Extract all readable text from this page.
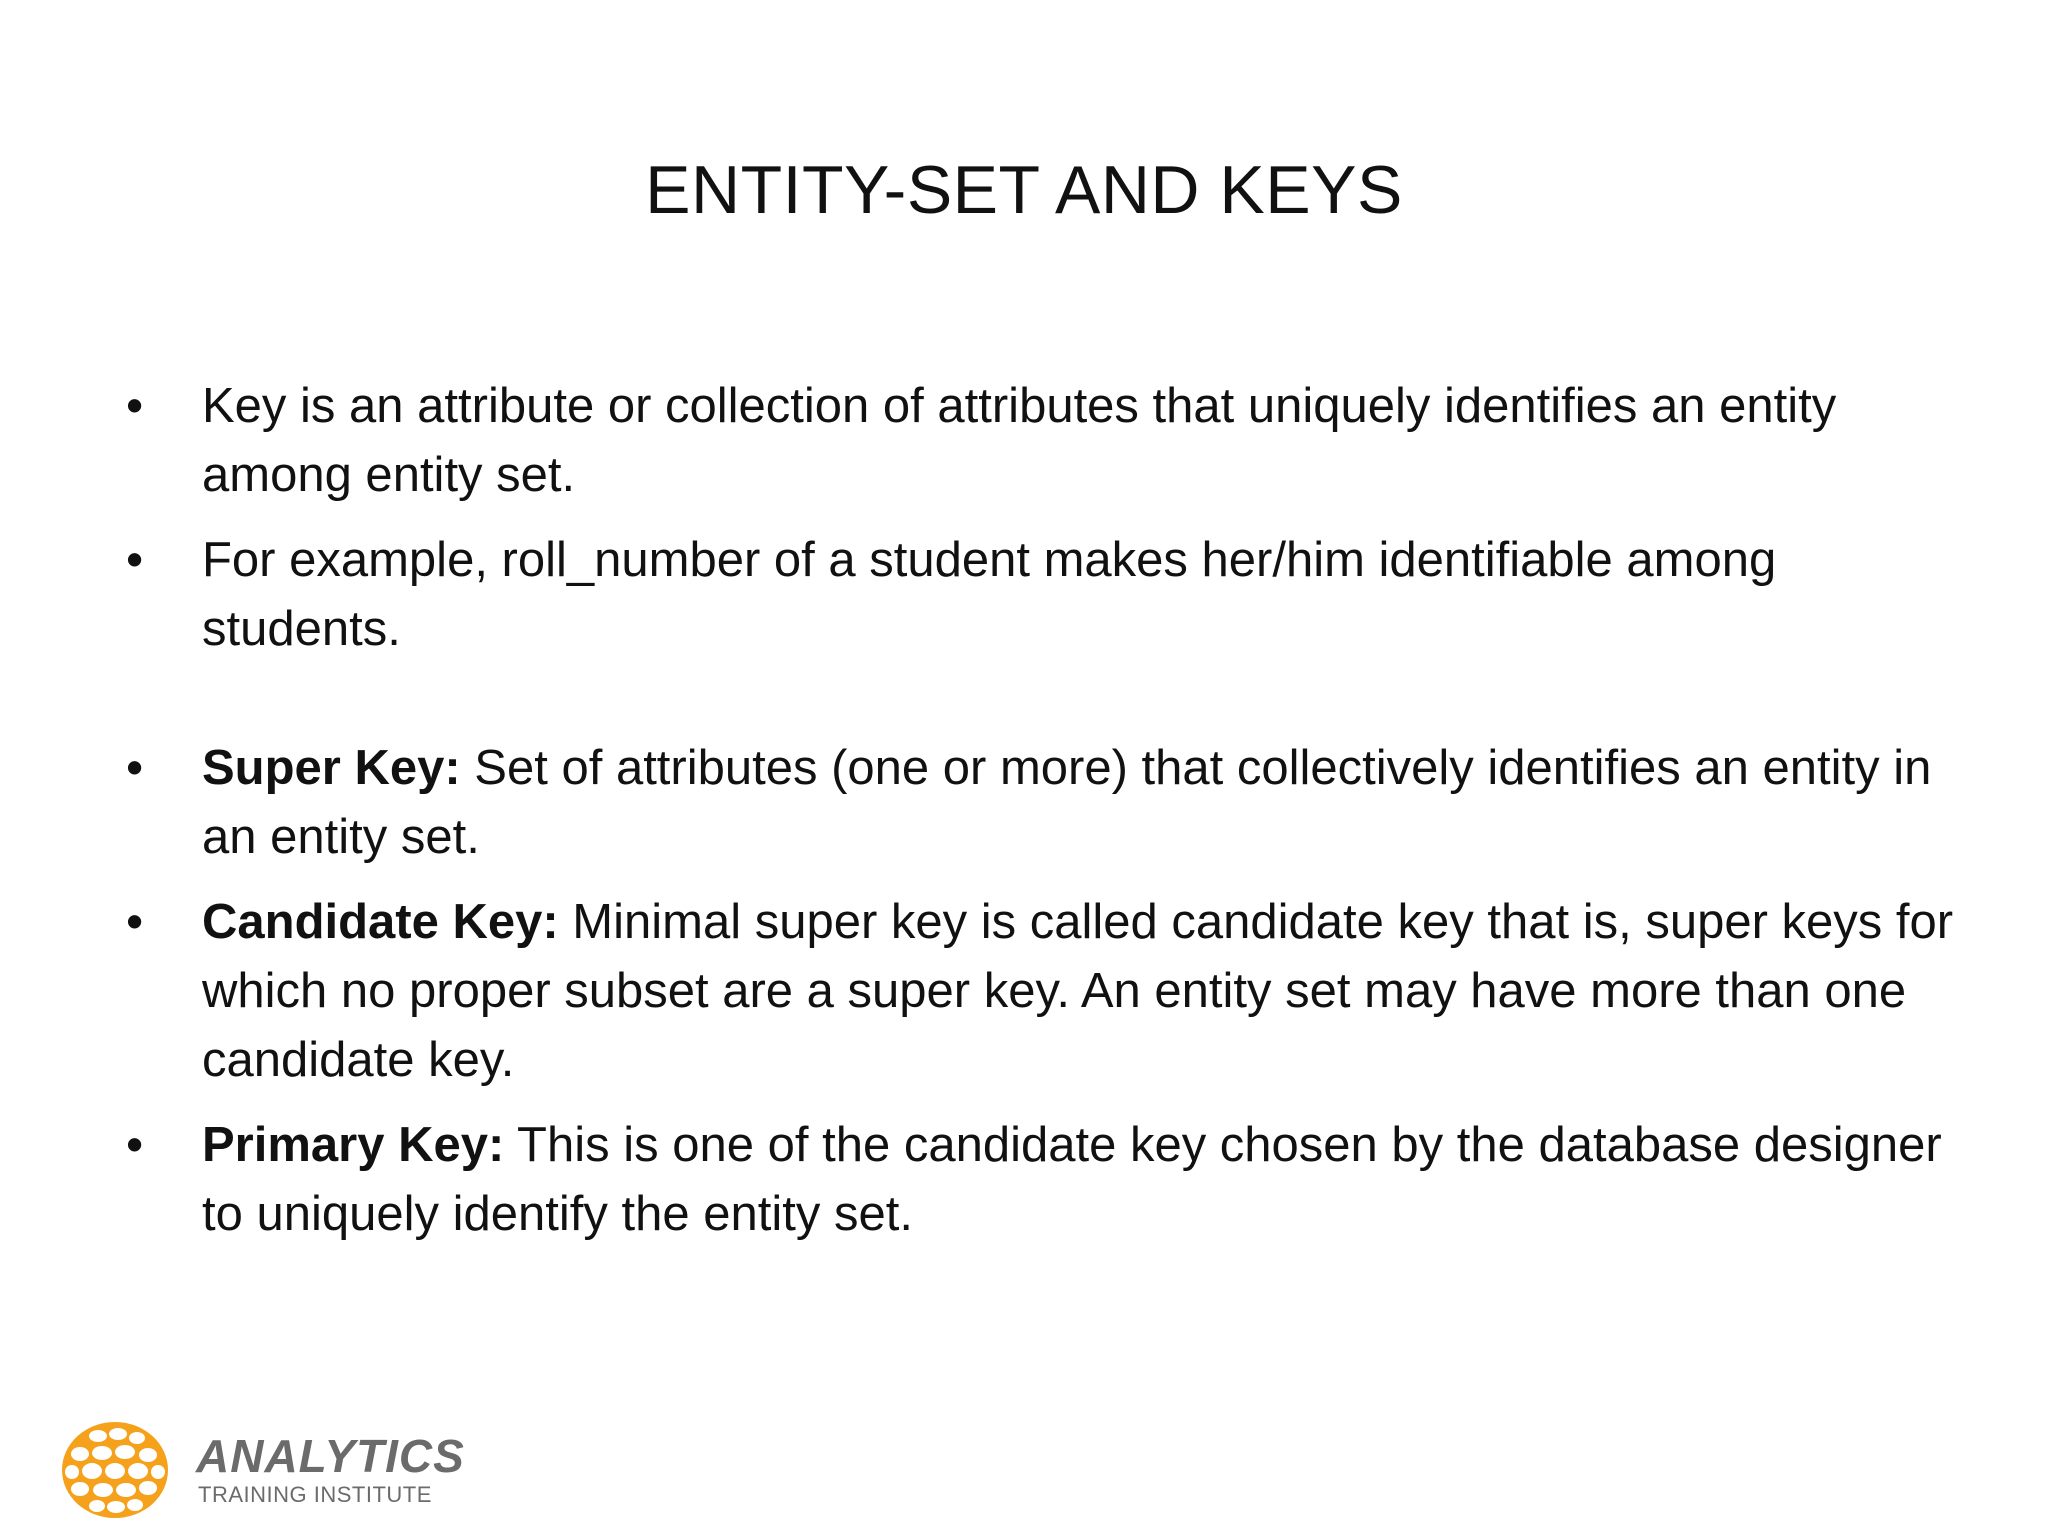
ENTITY-SET AND KEYS
•	Key is an attribute or collection of attributes that uniquely identifies an entity among entity set.
•	For example, roll_number of a student makes her/him identifiable among students.
•	Super Key: Set of attributes (one or more) that collectively identifies an entity in an entity set.
•	Candidate Key: Minimal super key is called candidate key that is, super keys for which no proper subset are a super key. An entity set may have more than one candidate key.
•	Primary Key: This is one of the candidate key chosen by the database designer to uniquely identify the entity set.
ANALYTICS
TRAINING INSTITUTE
